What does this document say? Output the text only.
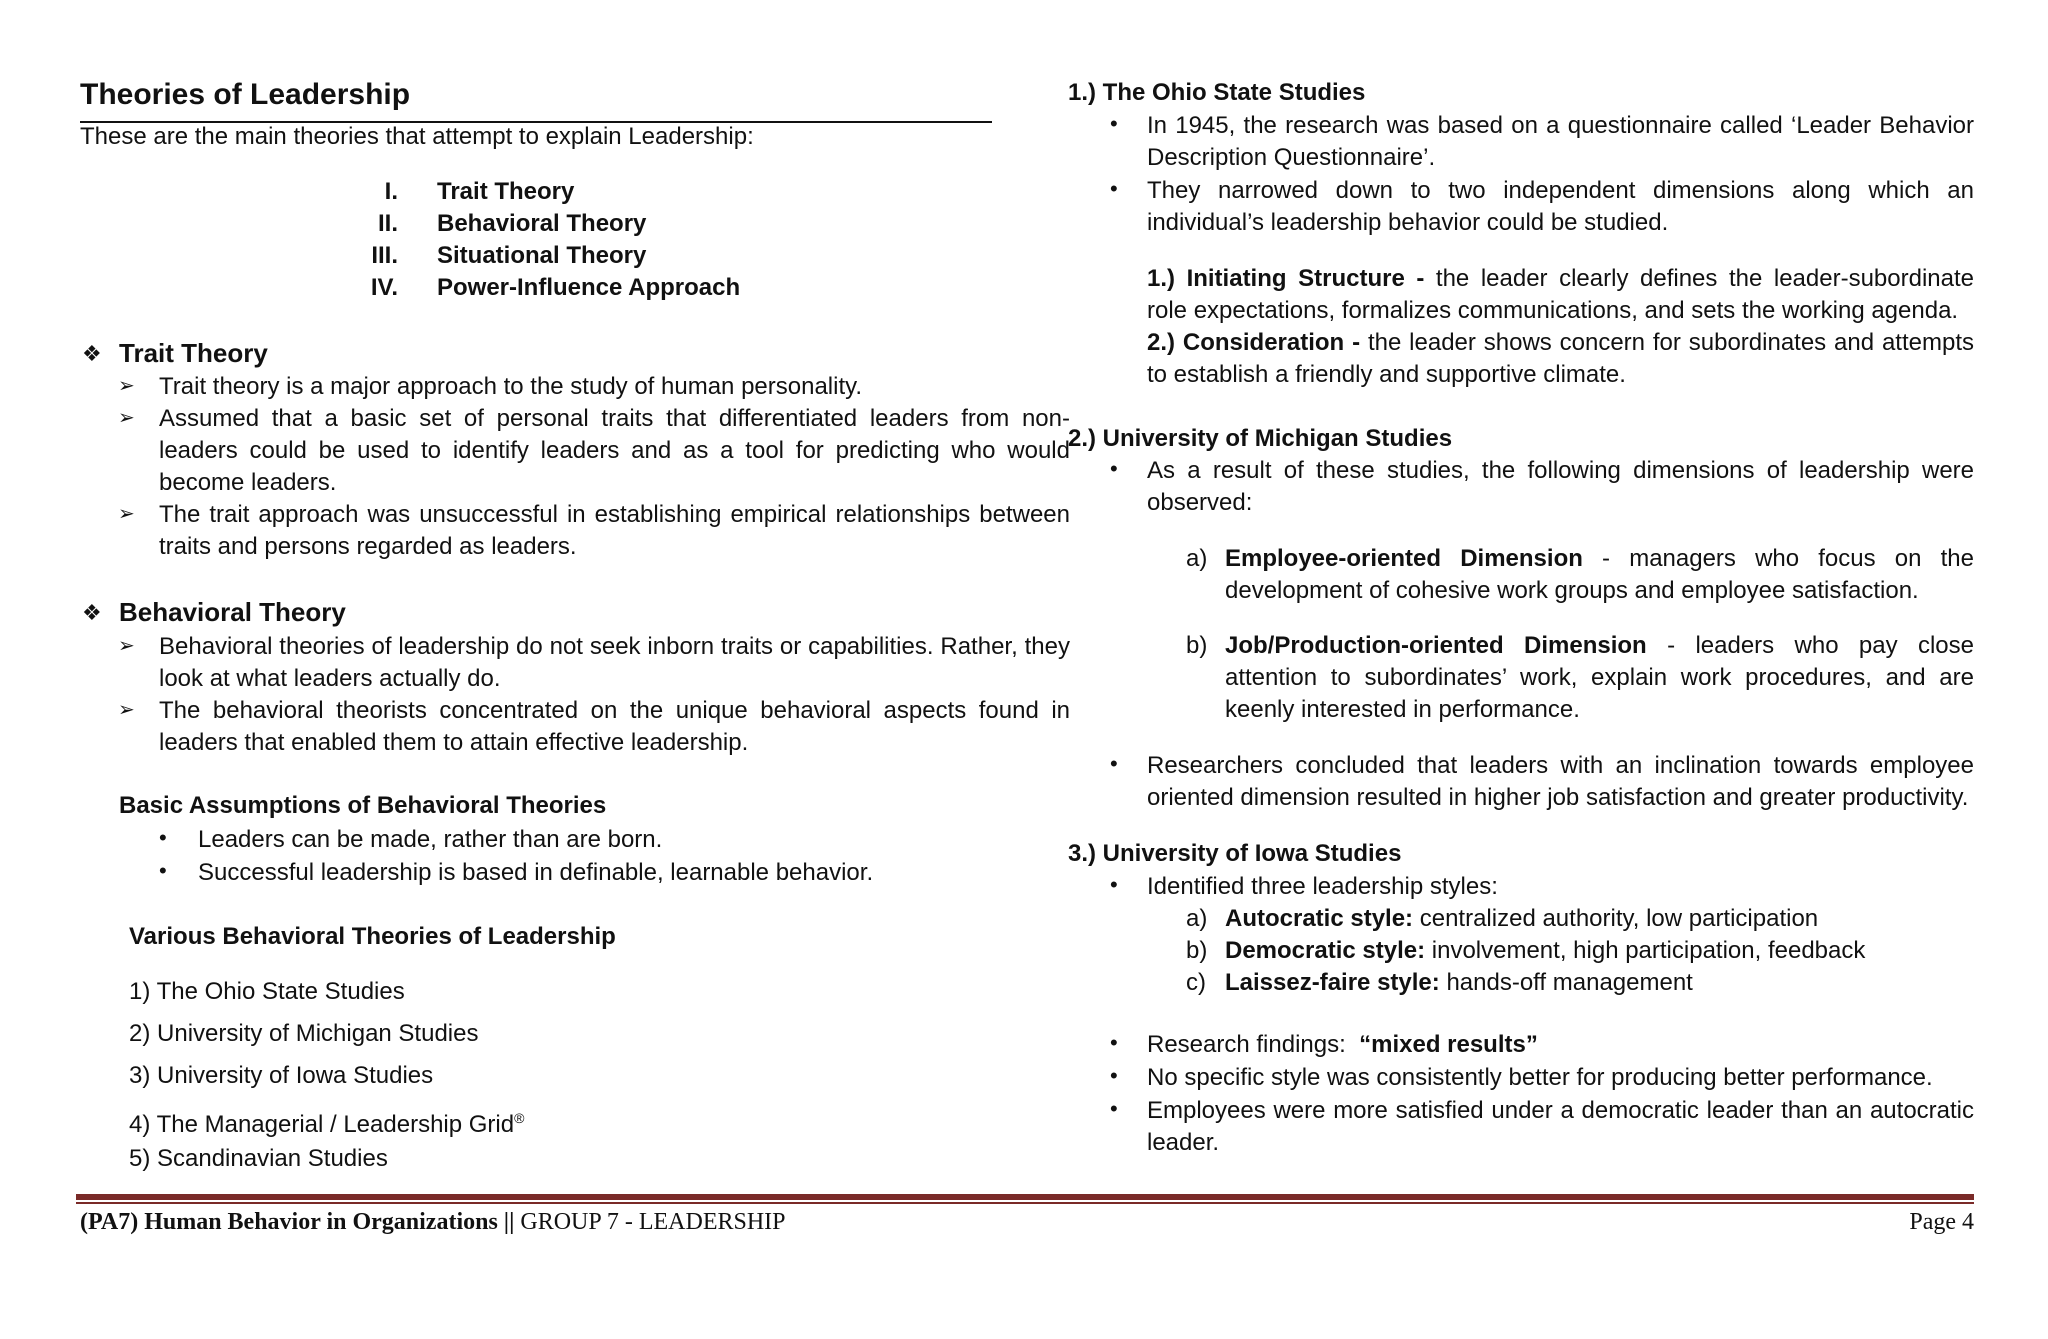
Theories of Leadership
These are the main theories that attempt to explain Leadership:
I. Trait Theory
II. Behavioral Theory
III. Situational Theory
IV. Power-Influence Approach
❖ Trait Theory
➢ Trait theory is a major approach to the study of human personality.
➢ Assumed that a basic set of personal traits that differentiated leaders from non-leaders could be used to identify leaders and as a tool for predicting who would become leaders.
➢ The trait approach was unsuccessful in establishing empirical relationships between traits and persons regarded as leaders.
❖ Behavioral Theory
➢ Behavioral theories of leadership do not seek inborn traits or capabilities. Rather, they look at what leaders actually do.
➢ The behavioral theorists concentrated on the unique behavioral aspects found in leaders that enabled them to attain effective leadership.
Basic Assumptions of Behavioral Theories
• Leaders can be made, rather than are born.
• Successful leadership is based in definable, learnable behavior.
Various Behavioral Theories of Leadership
1) The Ohio State Studies
2) University of Michigan Studies
3) University of Iowa Studies
4) The Managerial / Leadership Grid®
5) Scandinavian Studies
1.) The Ohio State Studies
• In 1945, the research was based on a questionnaire called ‘Leader Behavior Description Questionnaire’.
• They narrowed down to two independent dimensions along which an individual’s leadership behavior could be studied.
1.) Initiating Structure - the leader clearly defines the leader-subordinate role expectations, formalizes communications, and sets the working agenda.
2.) Consideration - the leader shows concern for subordinates and attempts to establish a friendly and supportive climate.
2.) University of Michigan Studies
• As a result of these studies, the following dimensions of leadership were observed:
a) Employee-oriented Dimension - managers who focus on the development of cohesive work groups and employee satisfaction.
b) Job/Production-oriented Dimension - leaders who pay close attention to subordinates’ work, explain work procedures, and are keenly interested in performance.
• Researchers concluded that leaders with an inclination towards employee oriented dimension resulted in higher job satisfaction and greater productivity.
3.) University of Iowa Studies
• Identified three leadership styles:
a) Autocratic style: centralized authority, low participation
b) Democratic style: involvement, high participation, feedback
c) Laissez-faire style: hands-off management
• Research findings:  “mixed results”
• No specific style was consistently better for producing better performance.
• Employees were more satisfied under a democratic leader than an autocratic leader.
(PA7) Human Behavior in Organizations || GROUP 7 - LEADERSHIP	Page 4
